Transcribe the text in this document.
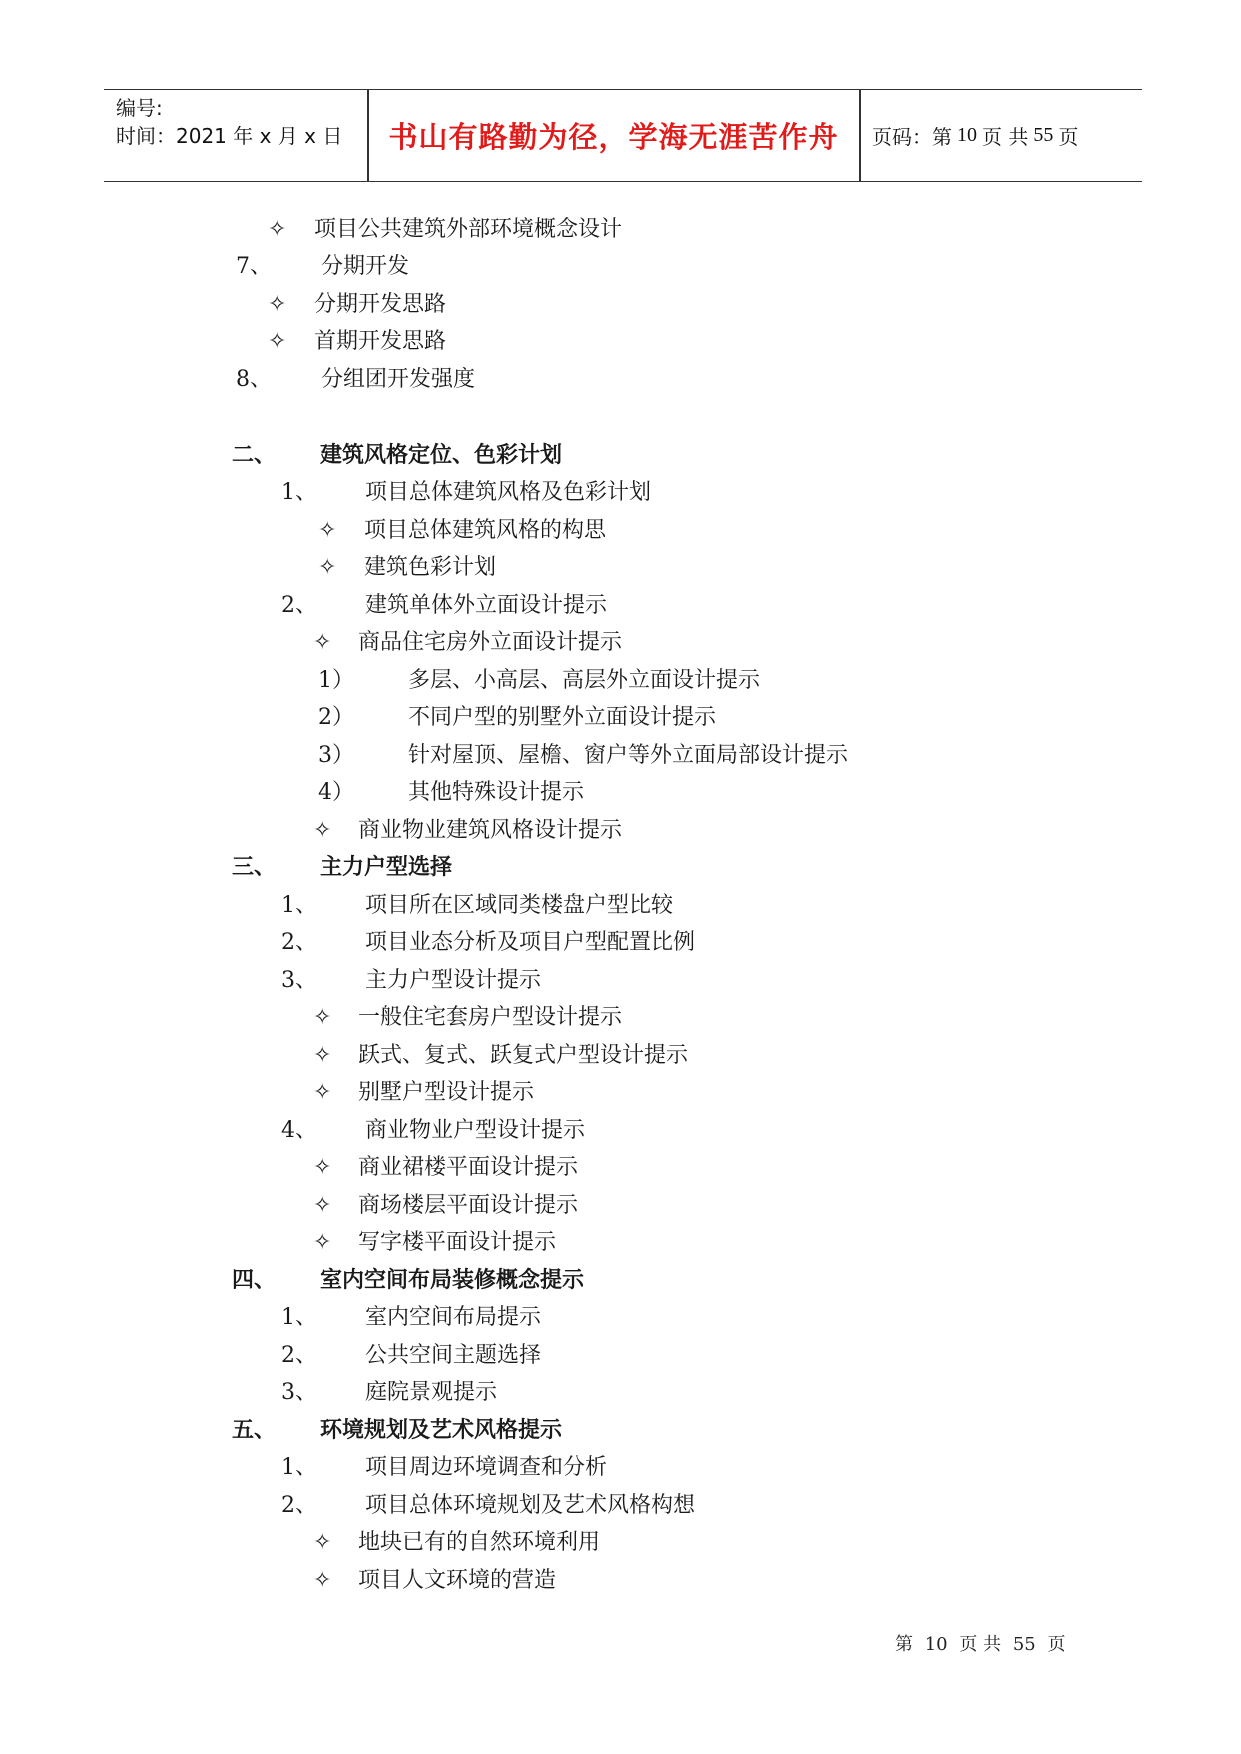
编号:
时间：2021 年 x 月 x 日	书山有路勤为径，学海无涯苦作舟	页码：第 10 页 共 55 页
✧ 项目公共建筑外部环境概念设计
7、 分期开发
✧ 分期开发思路
✧ 首期开发思路
8、 分组团开发强度
二、 建筑风格定位、色彩计划
1、 项目总体建筑风格及色彩计划
✧ 项目总体建筑风格的构思
✧ 建筑色彩计划
2、 建筑单体外立面设计提示
✧ 商品住宅房外立面设计提示
1） 多层、小高层、高层外立面设计提示
2） 不同户型的别墅外立面设计提示
3） 针对屋顶、屋檐、窗户等外立面局部设计提示
4） 其他特殊设计提示
✧ 商业物业建筑风格设计提示
三、 主力户型选择
1、 项目所在区域同类楼盘户型比较
2、 项目业态分析及项目户型配置比例
3、 主力户型设计提示
✧ 一般住宅套房户型设计提示
✧ 跃式、复式、跃复式户型设计提示
✧ 别墅户型设计提示
4、 商业物业户型设计提示
✧ 商业裙楼平面设计提示
✧ 商场楼层平面设计提示
✧ 写字楼平面设计提示
四、 室内空间布局装修概念提示
1、 室内空间布局提示
2、 公共空间主题选择
3、 庭院景观提示
五、 环境规划及艺术风格提示
1、 项目周边环境调查和分析
2、 项目总体环境规划及艺术风格构想
✧ 地块已有的自然环境利用
✧ 项目人文环境的营造
第 10 页 共 55 页
